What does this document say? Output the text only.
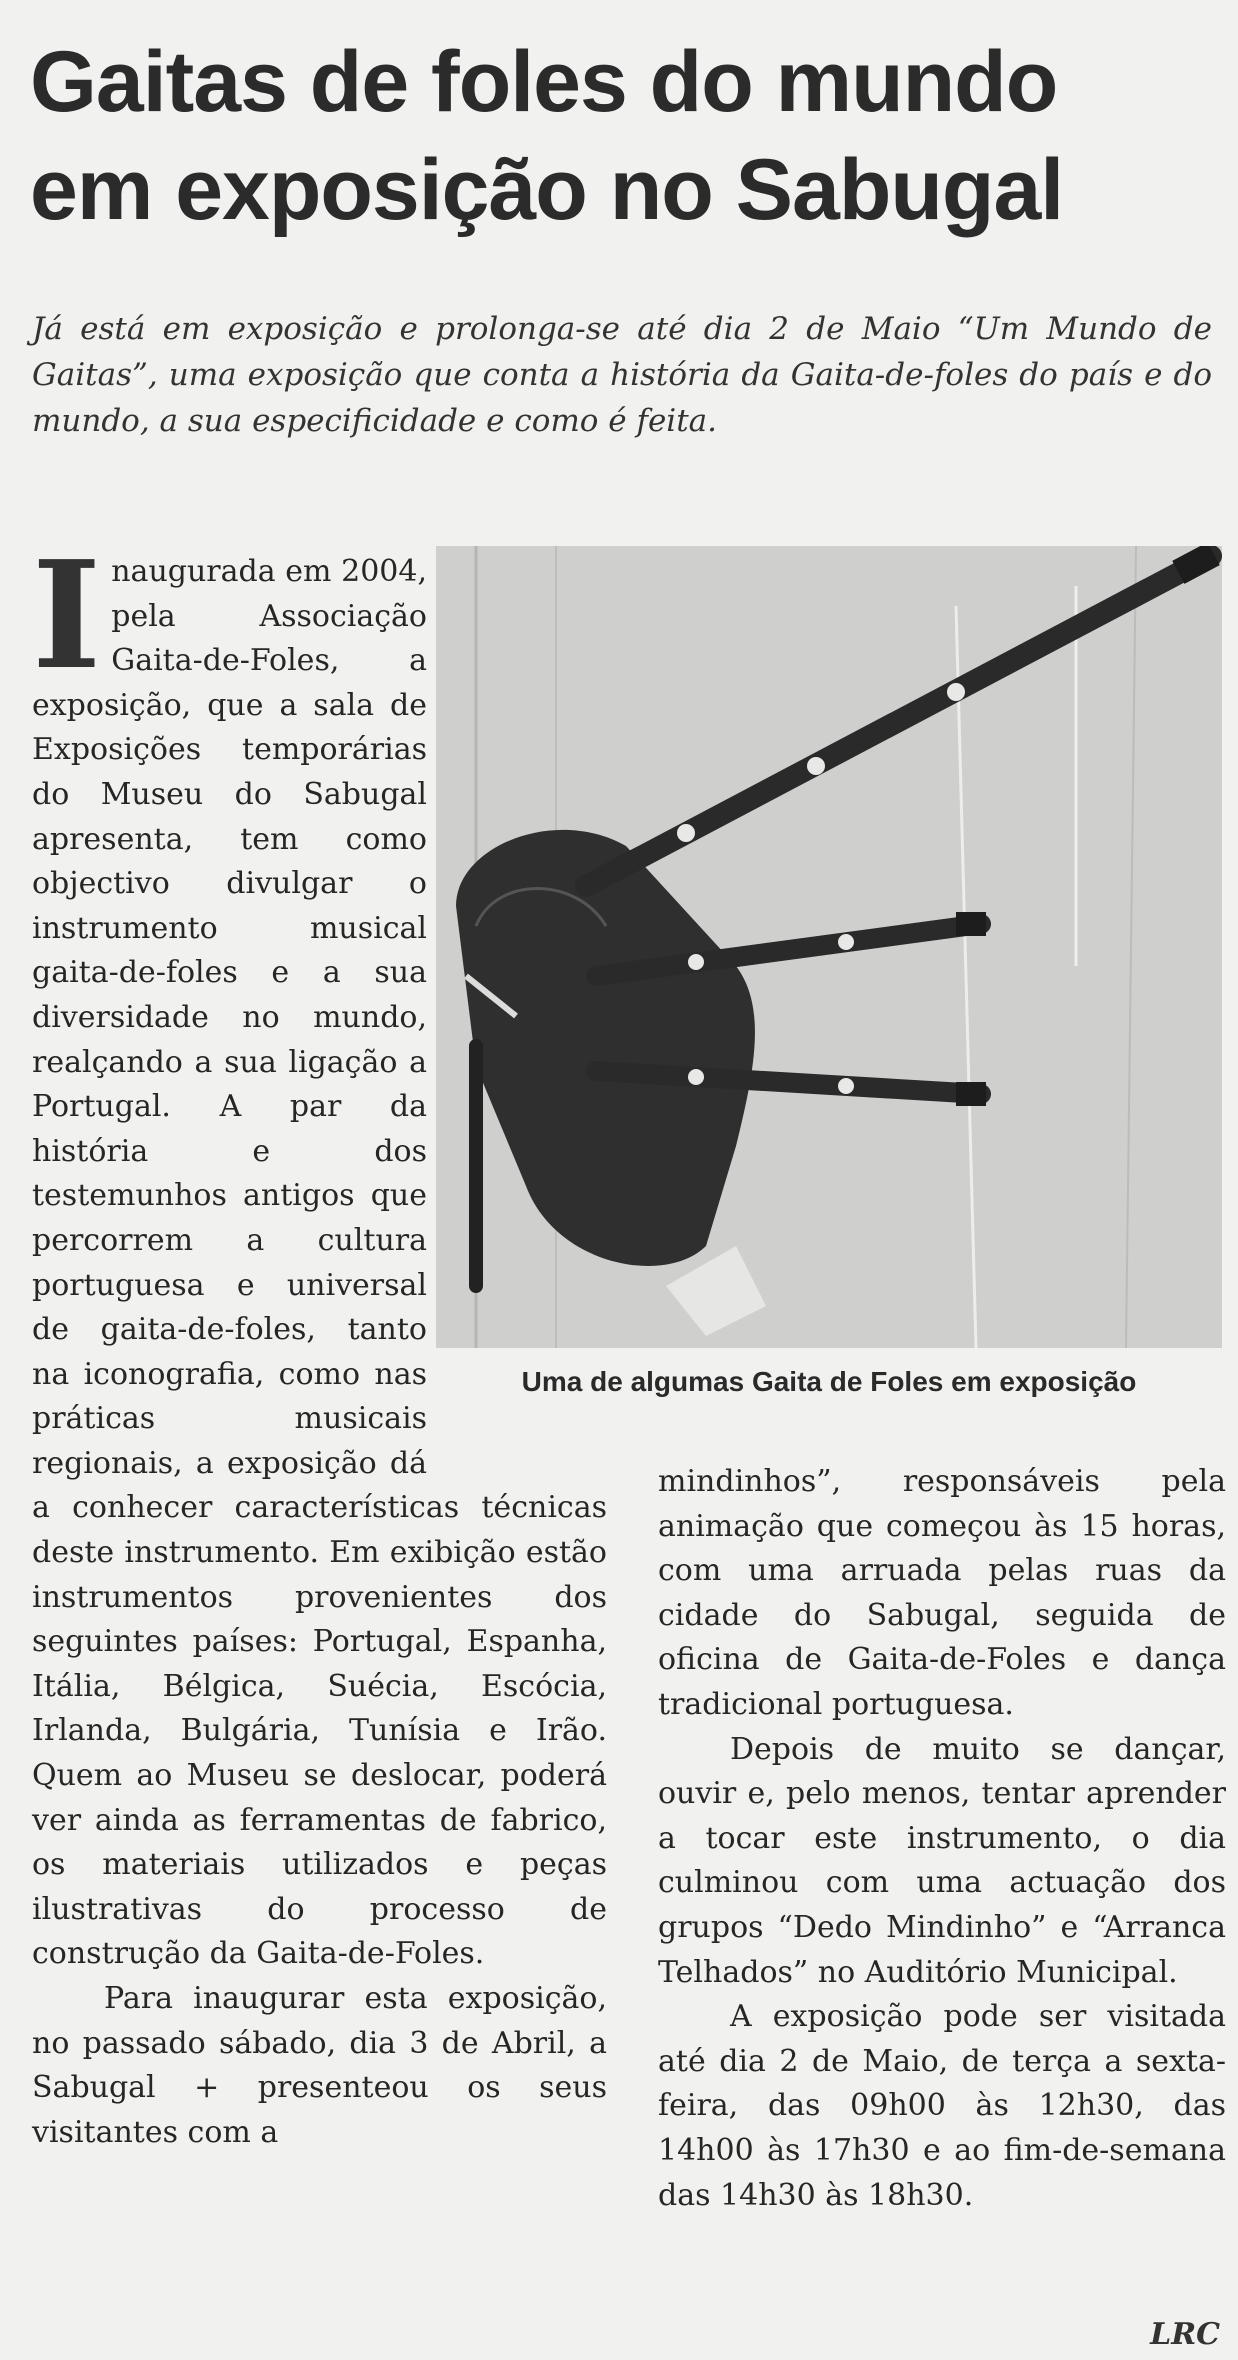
Gaitas de foles do mundo
em exposição no Sabugal

Já está em exposição e prolonga-se até dia 2 de Maio “Um Mundo de Gaitas”, uma exposição que conta a história da Gaita-de-foles do país e do mundo, a sua especificidade e como é feita.

Uma de algumas Gaita de Foles em exposição

Inaugurada em 2004, pela Associação Gaita-de-Foles, a exposição, que a sala de Exposições temporárias do Museu do Sabugal apresenta, tem como objectivo divulgar o instrumento musical gaita-de-foles e a sua diversidade no mundo, realçando a sua ligação a Portugal. A par da história e dos testemunhos antigos que percorrem a cultura portuguesa e universal de gaita-de-foles, tanto na iconografia, como nas práticas musicais regionais, a exposição dá a conhecer características técnicas deste instrumento. Em exibição estão instrumentos provenientes dos seguintes países: Portugal, Espanha, Itália, Bélgica, Suécia, Escócia, Irlanda, Bulgária, Tunísia e Irão. Quem ao Museu se deslocar, poderá ver ainda as ferramentas de fabrico, os materiais utilizados e peças ilustrativas do processo de construção da Gaita-de-Foles.

Para inaugurar esta exposição, no passado sábado, dia 3 de Abril, a Sabugal + presenteou os seus visitantes com a

mindinhos”, responsáveis pela animação que começou às 15 horas, com uma arruada pelas ruas da cidade do Sabugal, seguida de oficina de Gaita-de-Foles e dança tradicional portuguesa.

Depois de muito se dançar, ouvir e, pelo menos, tentar aprender a tocar este instrumento, o dia culminou com uma actuação dos grupos “Dedo Mindinho” e “Arranca Telhados” no Auditório Municipal.

A exposição pode ser visitada até dia 2 de Maio, de terça a sexta-feira, das 09h00 às 12h30, das 14h00 às 17h30 e ao fim-de-semana das 14h30 às 18h30.

LRC
